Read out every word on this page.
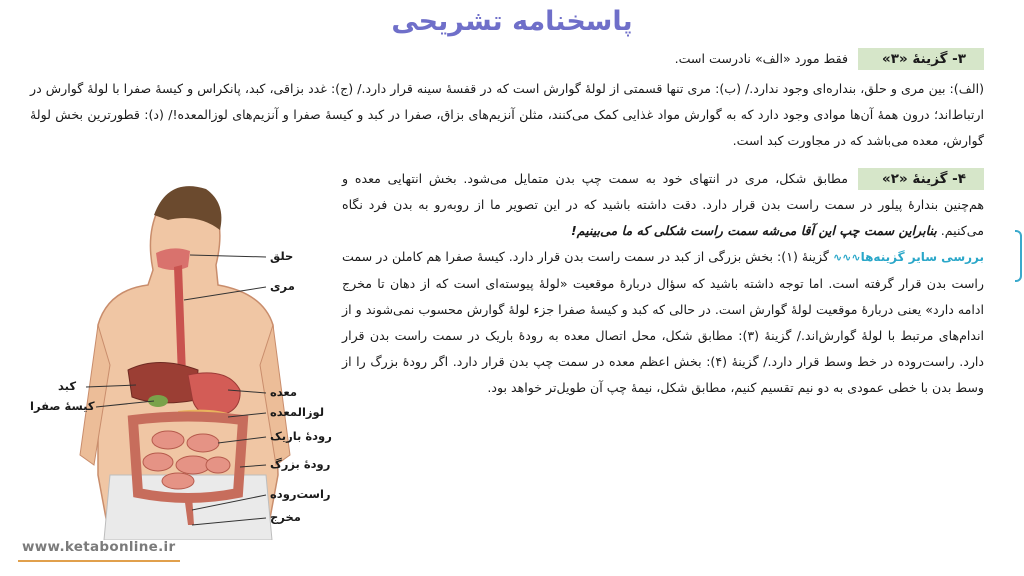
پاسخنامه تشریحی

۳- گزینۀ «۳»فقط مورد «الف» نادرست است.

(الف): بین مری و حلق، بنداره‌ای وجود ندارد./ (ب): مری تنها قسمتی از لولۀ گوارش است که در قفسۀ سینه قرار دارد./ (ج): غدد بزاقی، کبد، پانکراس و کیسۀ صفرا با لولۀ گوارش در ارتباط‌اند؛ درون همۀ آن‌ها موادی وجود دارد که به گوارش مواد غذایی کمک می‌کنند، مثلن آنزیم‌های بزاق، صفرا در کبد و کیسۀ صفرا و آنزیم‌های لوزالمعده!/ (د): قطورترین بخش لولۀ گوارش، معده می‌باشد که در مجاورت کبد است.

۴- گزینۀ «۲»مطابق شکل، مری در انتهای خود به سمت چپ بدن متمایل می‌شود. بخش انتهایی معده و هم‌چنین بندارۀ پیلور در سمت راست بدن قرار دارد. دقت داشته باشید که در این تصویر ما از روبه‌رو به بدن فرد نگاه می‌کنیم. بنابراین سمت چپ این آقا می‌شه سمت راست شکلی که ما می‌بینیم!
بررسی سایر گزینه‌ها∿∿∿گزینۀ (۱): بخش بزرگی از کبد در سمت راست بدن قرار دارد. کیسۀ صفرا هم کاملن در سمت راست بدن قرار گرفته است. اما توجه داشته باشید که سؤال دربارۀ موقعیت «لولۀ پیوسته‌ای است که از دهان تا مخرج ادامه دارد» یعنی دربارۀ موقعیت لولۀ گوارش است. در حالی که کبد و کیسۀ صفرا جزء لولۀ گوارش محسوب نمی‌شوند و از اندام‌های مرتبط با لولۀ گوارش‌اند./ گزینۀ (۳): مطابق شکل، محل اتصال معده به رودۀ باریک در سمت راست بدن قرار دارد. راست‌روده در خط وسط قرار دارد./ گزینۀ (۴): بخش اعظم معده در سمت چپ بدن قرار دارد. اگر رودۀ بزرگ را از وسط بدن با خطی عمودی به دو نیم تقسیم کنیم، مطابق شکل، نیمۀ چپ آن طویل‌تر خواهد بود.

حلق
مری
کبد
کیسۀ صفرا
معده
لوزالمعده
رودۀ باریک
رودۀ بزرگ
راست‌روده
مخرج
www.ketabonline.ir
